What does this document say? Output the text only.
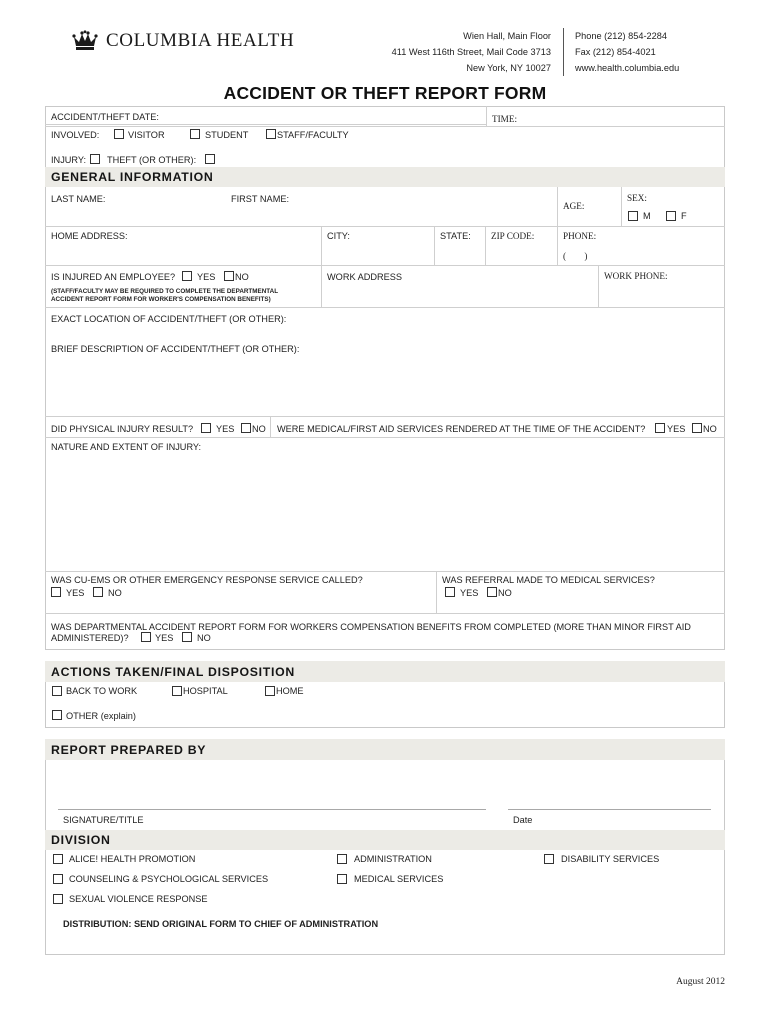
COLUMBIA HEALTH	Wien Hall, Main Floor
411 West 116th Street, Mail Code 3713
New York, NY 10027
Phone (212) 854-2284
Fax (212) 854-4021
www.health.columbia.edu
ACCIDENT OR THEFT REPORT FORM
ACCIDENT/THEFT DATE:	TIME:
INVOLVED:	VISITOR	STUDENT	STAFF/FACULTY
INJURY: THEFT (OR OTHER):
GENERAL INFORMATION
LAST NAME:	FIRST NAME:
AGE:
SEX:
M	F
HOME ADDRESS:	CITY:	STATE: ZIP CODE:	PHONE:
(        )
IS INJURED AN EMPLOYEE? YES NO
(STAFF/FACULTY MAY BE REQUIRED TO COMPLETE THE DEPARTMENTAL
ACCIDENT REPORT FORM FOR WORKER'S COMPENSATION BENEFITS)
WORK ADDRESS	WORK PHONE:
EXACT LOCATION OF ACCIDENT/THEFT (OR OTHER):
BRIEF DESCRIPTION OF ACCIDENT/THEFT (OR OTHER):
DID PHYSICAL INJURY RESULT? YES NO WERE MEDICAL/FIRST AID SERVICES RENDERED AT THE TIME OF THE ACCIDENT? YES NO
NATURE AND EXTENT OF INJURY:
WAS CU-EMS OR OTHER EMERGENCY RESPONSE SERVICE CALLED?
YES	NO
WAS REFERRAL MADE TO MEDICAL SERVICES?
YES NO
WAS DEPARTMENTAL ACCIDENT REPORT FORM FOR WORKERS COMPENSATION BENEFITS FROM COMPLETED (MORE THAN MINOR FIRST AID
ADMINISTERED)?	YES	NO
ACTIONS TAKEN/FINAL DISPOSITION
BACK TO WORK	HOSPITAL	HOME
OTHER (explain)
REPORT PREPARED BY
SIGNATURE/TITLE	Date
DIVISION
ALICE! HEALTH PROMOTION	ADMINISTRATION	DISABILITY SERVICES
COUNSELING & PSYCHOLOGICAL SERVICES	MEDICAL SERVICES
SEXUAL VIOLENCE RESPONSE
DISTRIBUTION: SEND ORIGINAL FORM TO CHIEF OF ADMINISTRATION
August 2012
